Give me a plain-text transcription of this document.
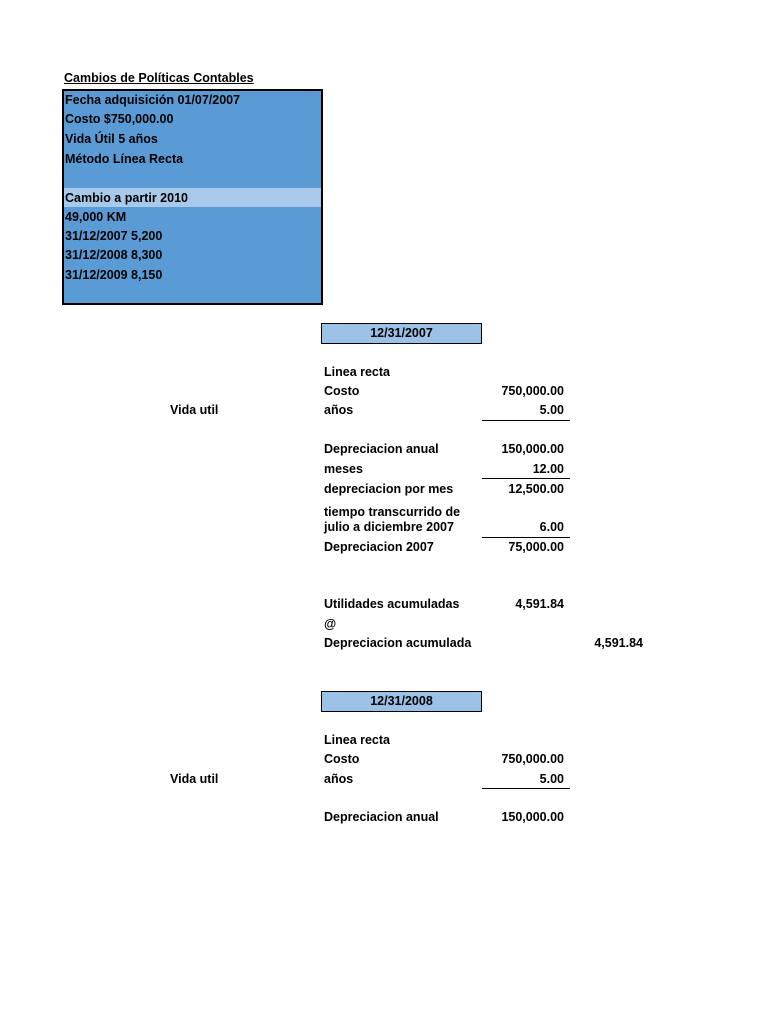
Cambios de Políticas Contables
Fecha adquisición 01/07/2007
Costo $750,000.00
Vida Útil 5 años
Método Línea Recta
Cambio a partir 2010
49,000 KM
31/12/2007 5,200
31/12/2008 8,300
31/12/2009 8,150
12/31/2007
Linea recta
Costo	750,000.00
Vida util	años	5.00
Depreciacion anual	150,000.00
meses	12.00
depreciacion por mes	12,500.00
tiempo transcurrido de
julio a diciembre 2007	6.00
Depreciacion 2007	75,000.00
Utilidades acumuladas	4,591.84
@
Depreciacion acumulada	4,591.84
12/31/2008
Linea recta
Costo	750,000.00
Vida util	años	5.00
Depreciacion anual	150,000.00
